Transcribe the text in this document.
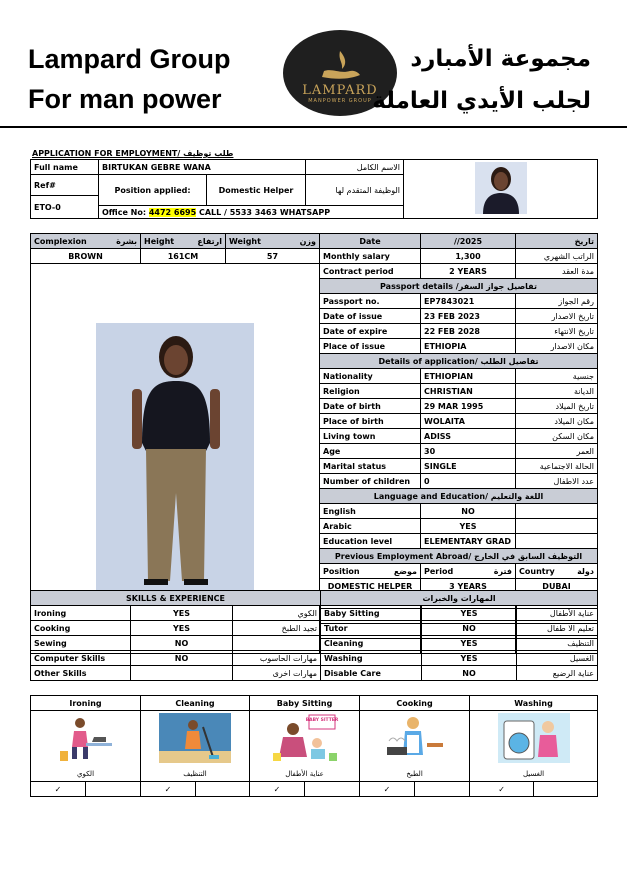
Lampard Group
For man power	LAMPARD
MANPOWER GROUP
مجموعة الأمبارد
لجلب الأيدي العاملة
APPLICATION FOR EMPLOYMENT/ طلب توظيف
Full name	BIRTUKAN GEBRE WANA		الاسم الكامل	
Ref#	Position applied:	Domestic Helper	الوظيفة المتقدم لها	
ETO-0				
	Office No: 4472 6695 CALL / 5533 3463 WHATSAPP			
Complexion بشرة	Height ارتفاع	Weight وزن	Date	//2025	تاريخ
BROWN	161CM	57	Monthly salary	1,300	الراتب الشهري

	Contract period	2 YEARS	مدة العقد
			Passport details /تفاصيل جواز السفر		
			Passport no.	EP7843021	رقم الجواز
			Date of issue	23 FEB 2023	تاريخ الاصدار
			Date of expire	22 FEB 2028	تاريخ الانتهاء
			Place of issue	ETHIOPIA	مكان الاصدار
			Details of application/ تفاصيل الطلب		
			Nationality	ETHIOPIAN	جنسية
			Religion	CHRISTIAN	الديانة
			Date of birth	29 MAR 1995	تاريخ الميلاد
			Place of birth	WOLAITA	مكان الميلاد
			Living town	ADISS	مكان السكن
			Age	30	العمر
			Marital status	SINGLE	الحالة الاجتماعية
			Number of children	0	عدد الاطفال
			Language and Education/ اللغة والتعليم		
			English	NO	
			Arabic	YES	
			Education level	ELEMENTARY GRAD	
			Previous Employment Abroad/ التوظيف السابق في الخارج		
			Position موضع	Period فترة	Country دولة

			DOMESTIC HELPER	3 YEARS	DUBAI

SKILLS & EXPERIENCE			المهارات والخبرات		
Ironing	YES	الكوي	Baby Sitting	YES	عناية الأطفال
Cooking	YES	تجيد الطبخ	Tutor	NO	تعليم الا طفال
Sewing	NO		Cleaning	YES	التنظيف
Computer Skills	NO	مهارات الحاسوب	Washing	YES	الغسيل
Other Skills		مهارات اخرى	Disable Care	NO	عناية الرضيع
Ironing		Cleaning		Baby Sitting		Cooking		Washing	

BABY SITTER

الكوي		التنظيف		عناية الأطفال		الطبخ		الغسيل	
✓		✓		✓		✓		✓	
